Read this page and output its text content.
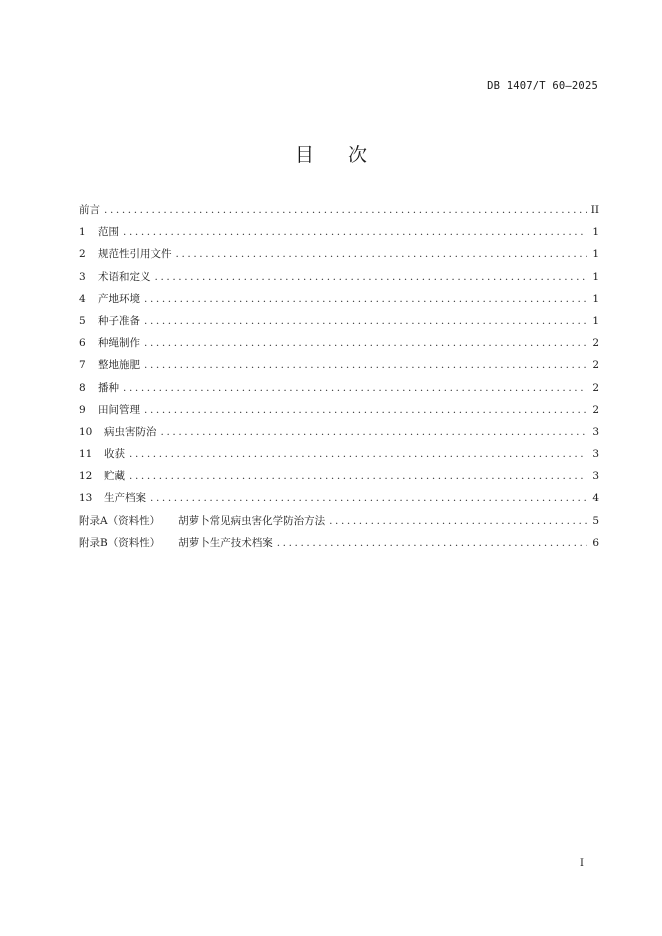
DB 1407/T 60—2025
目 次
前言 .....	II
1	范围 .....	1
2	规范性引用文件 .....	1
3	术语和定义 .....	1
4	产地环境 .....	1
5	种子准备 .....	1
6	种绳制作 .....	2
7	整地施肥 .....	2
8	播种 .....	2
9	田间管理 .....	2
10	病虫害防治 .....	3
11	收获 .....	3
12	贮藏 .....	3
13	生产档案 .....	4
附录A（资料性）	胡萝卜常见病虫害化学防治方法 .....	5
附录B（资料性）	胡萝卜生产技术档案 .....	6
I
